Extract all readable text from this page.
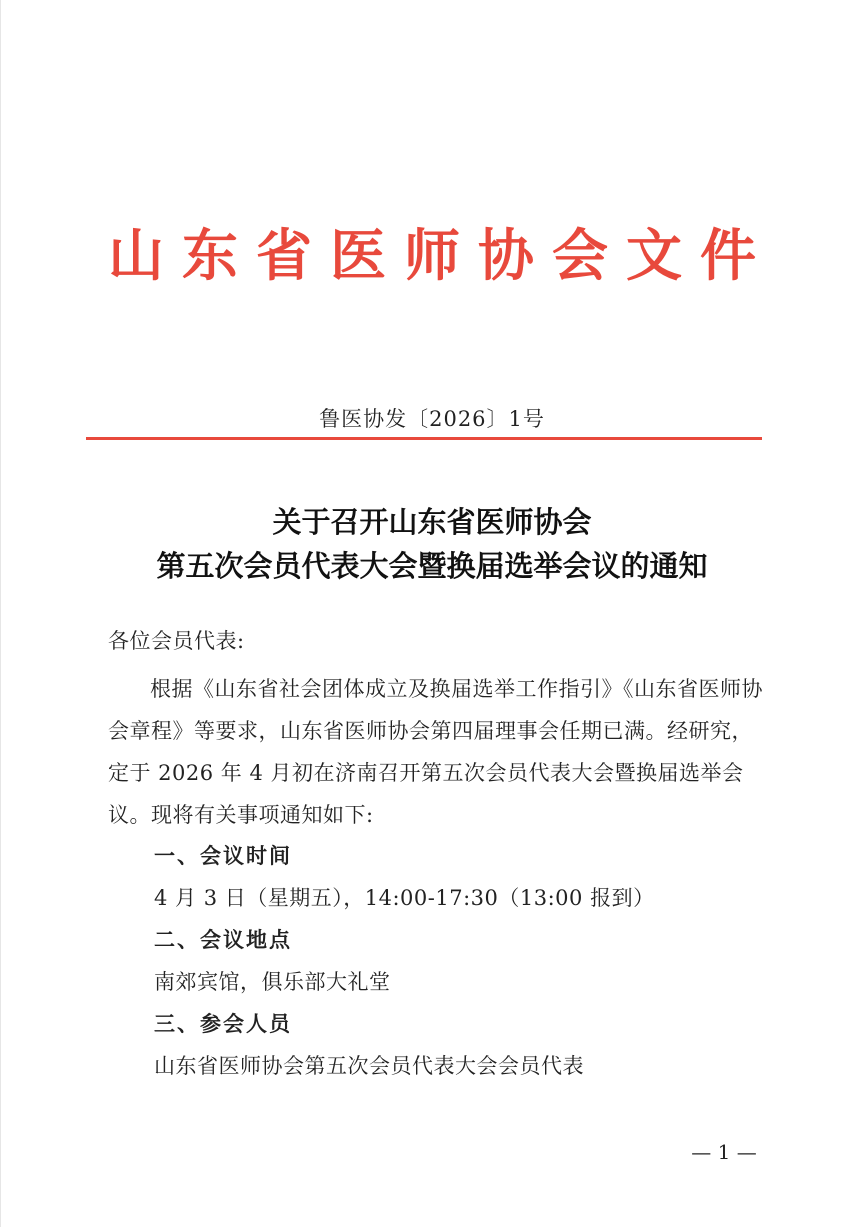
山东省医师协会文件
鲁医协发〔2026〕1号
关于召开山东省医师协会
第五次会员代表大会暨换届选举会议的通知

各位会员代表:

根据《山东省社会团体成立及换届选举工作指引》《山东省医师协会章程》等要求，山东省医师协会第四届理事会任期已满。经研究，定于 2026 年 4 月初在济南召开第五次会员代表大会暨换届选举会议。现将有关事项通知如下:

一、会议时间

4 月 3 日（星期五），14:00-17:30（13:00 报到）

二、会议地点

南郊宾馆，俱乐部大礼堂

三、参会人员

山东省医师协会第五次会员代表大会会员代表

— 1 —
